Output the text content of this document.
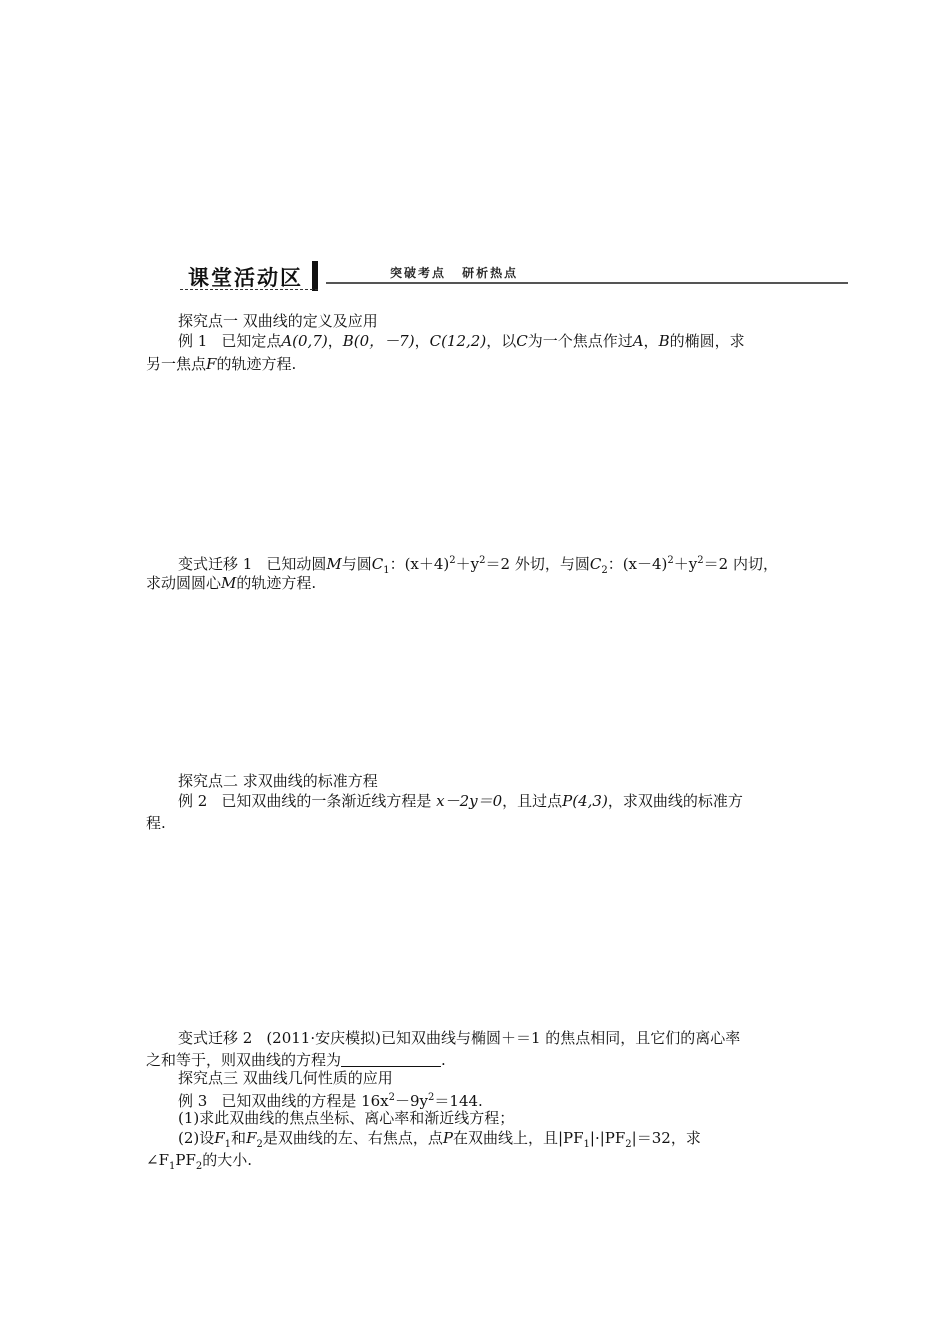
课堂活动区	突破考点 研析热点
探究点一 双曲线的定义及应用
例 1 已知定点A(0,7)，B(0，－7)，C(12,2)，以C为一个焦点作过A，B的椭圆，求
另一焦点F的轨迹方程.
变式迁移 1 已知动圆M与圆$C_1$：$(x+4)^2+y^2=2$ 外切，与圆$C_2$：$(x-4)^2+y^2=2$ 内切，
求动圆圆心M的轨迹方程.
探究点二 求双曲线的标准方程
例 2 已知双曲线的一条渐近线方程是 x－2y＝0，且过点P(4,3)，求双曲线的标准方
程.
变式迁移 2 (2011·安庆模拟)已知双曲线与椭圆＋＝1 的焦点相同，且它们的离心率
之和等于，则双曲线的方程为	.
探究点三 双曲线几何性质的应用
例 3 已知双曲线的方程是 $16x^2-9y^2=144$.
(1)求此双曲线的焦点坐标、离心率和渐近线方程；
(2)设$F_1$和$F_2$是双曲线的左、右焦点，点P在双曲线上，且$|PF_1|\cdot|PF_2|=32$，求
$\angle F_1PF_2$的大小.
